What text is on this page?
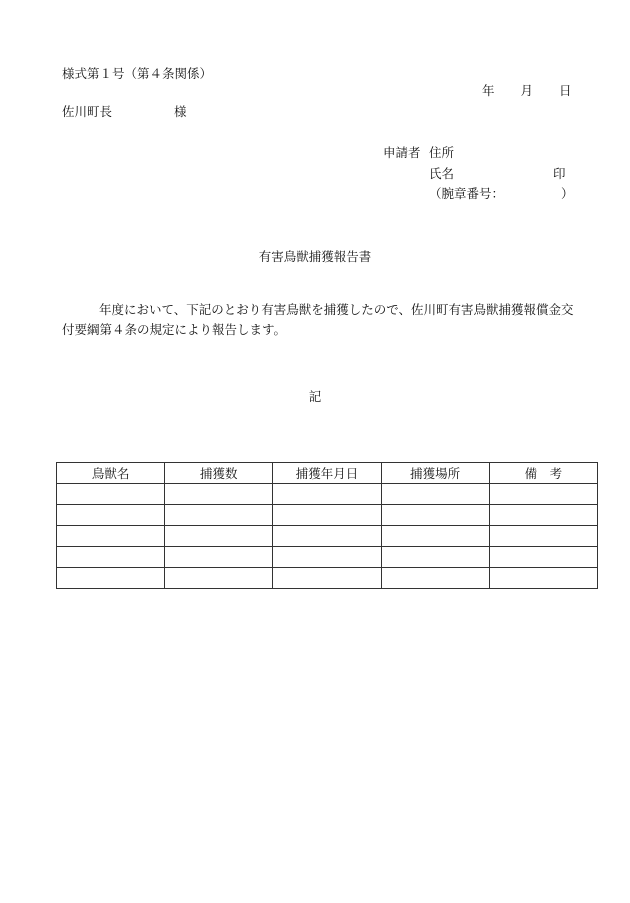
様式第１号（第４条関係）
年 月 日
佐川町長	様
申請者 住所
氏名	印
（腕章番号：	）
有害鳥獣捕獲報告書
年度において、下記のとおり有害鳥獣を捕獲したので、佐川町有害鳥獣捕獲報償金交付要綱第４条の規定により報告します。
記
鳥獣名	捕獲数	捕獲年月日	捕獲場所	備　考
